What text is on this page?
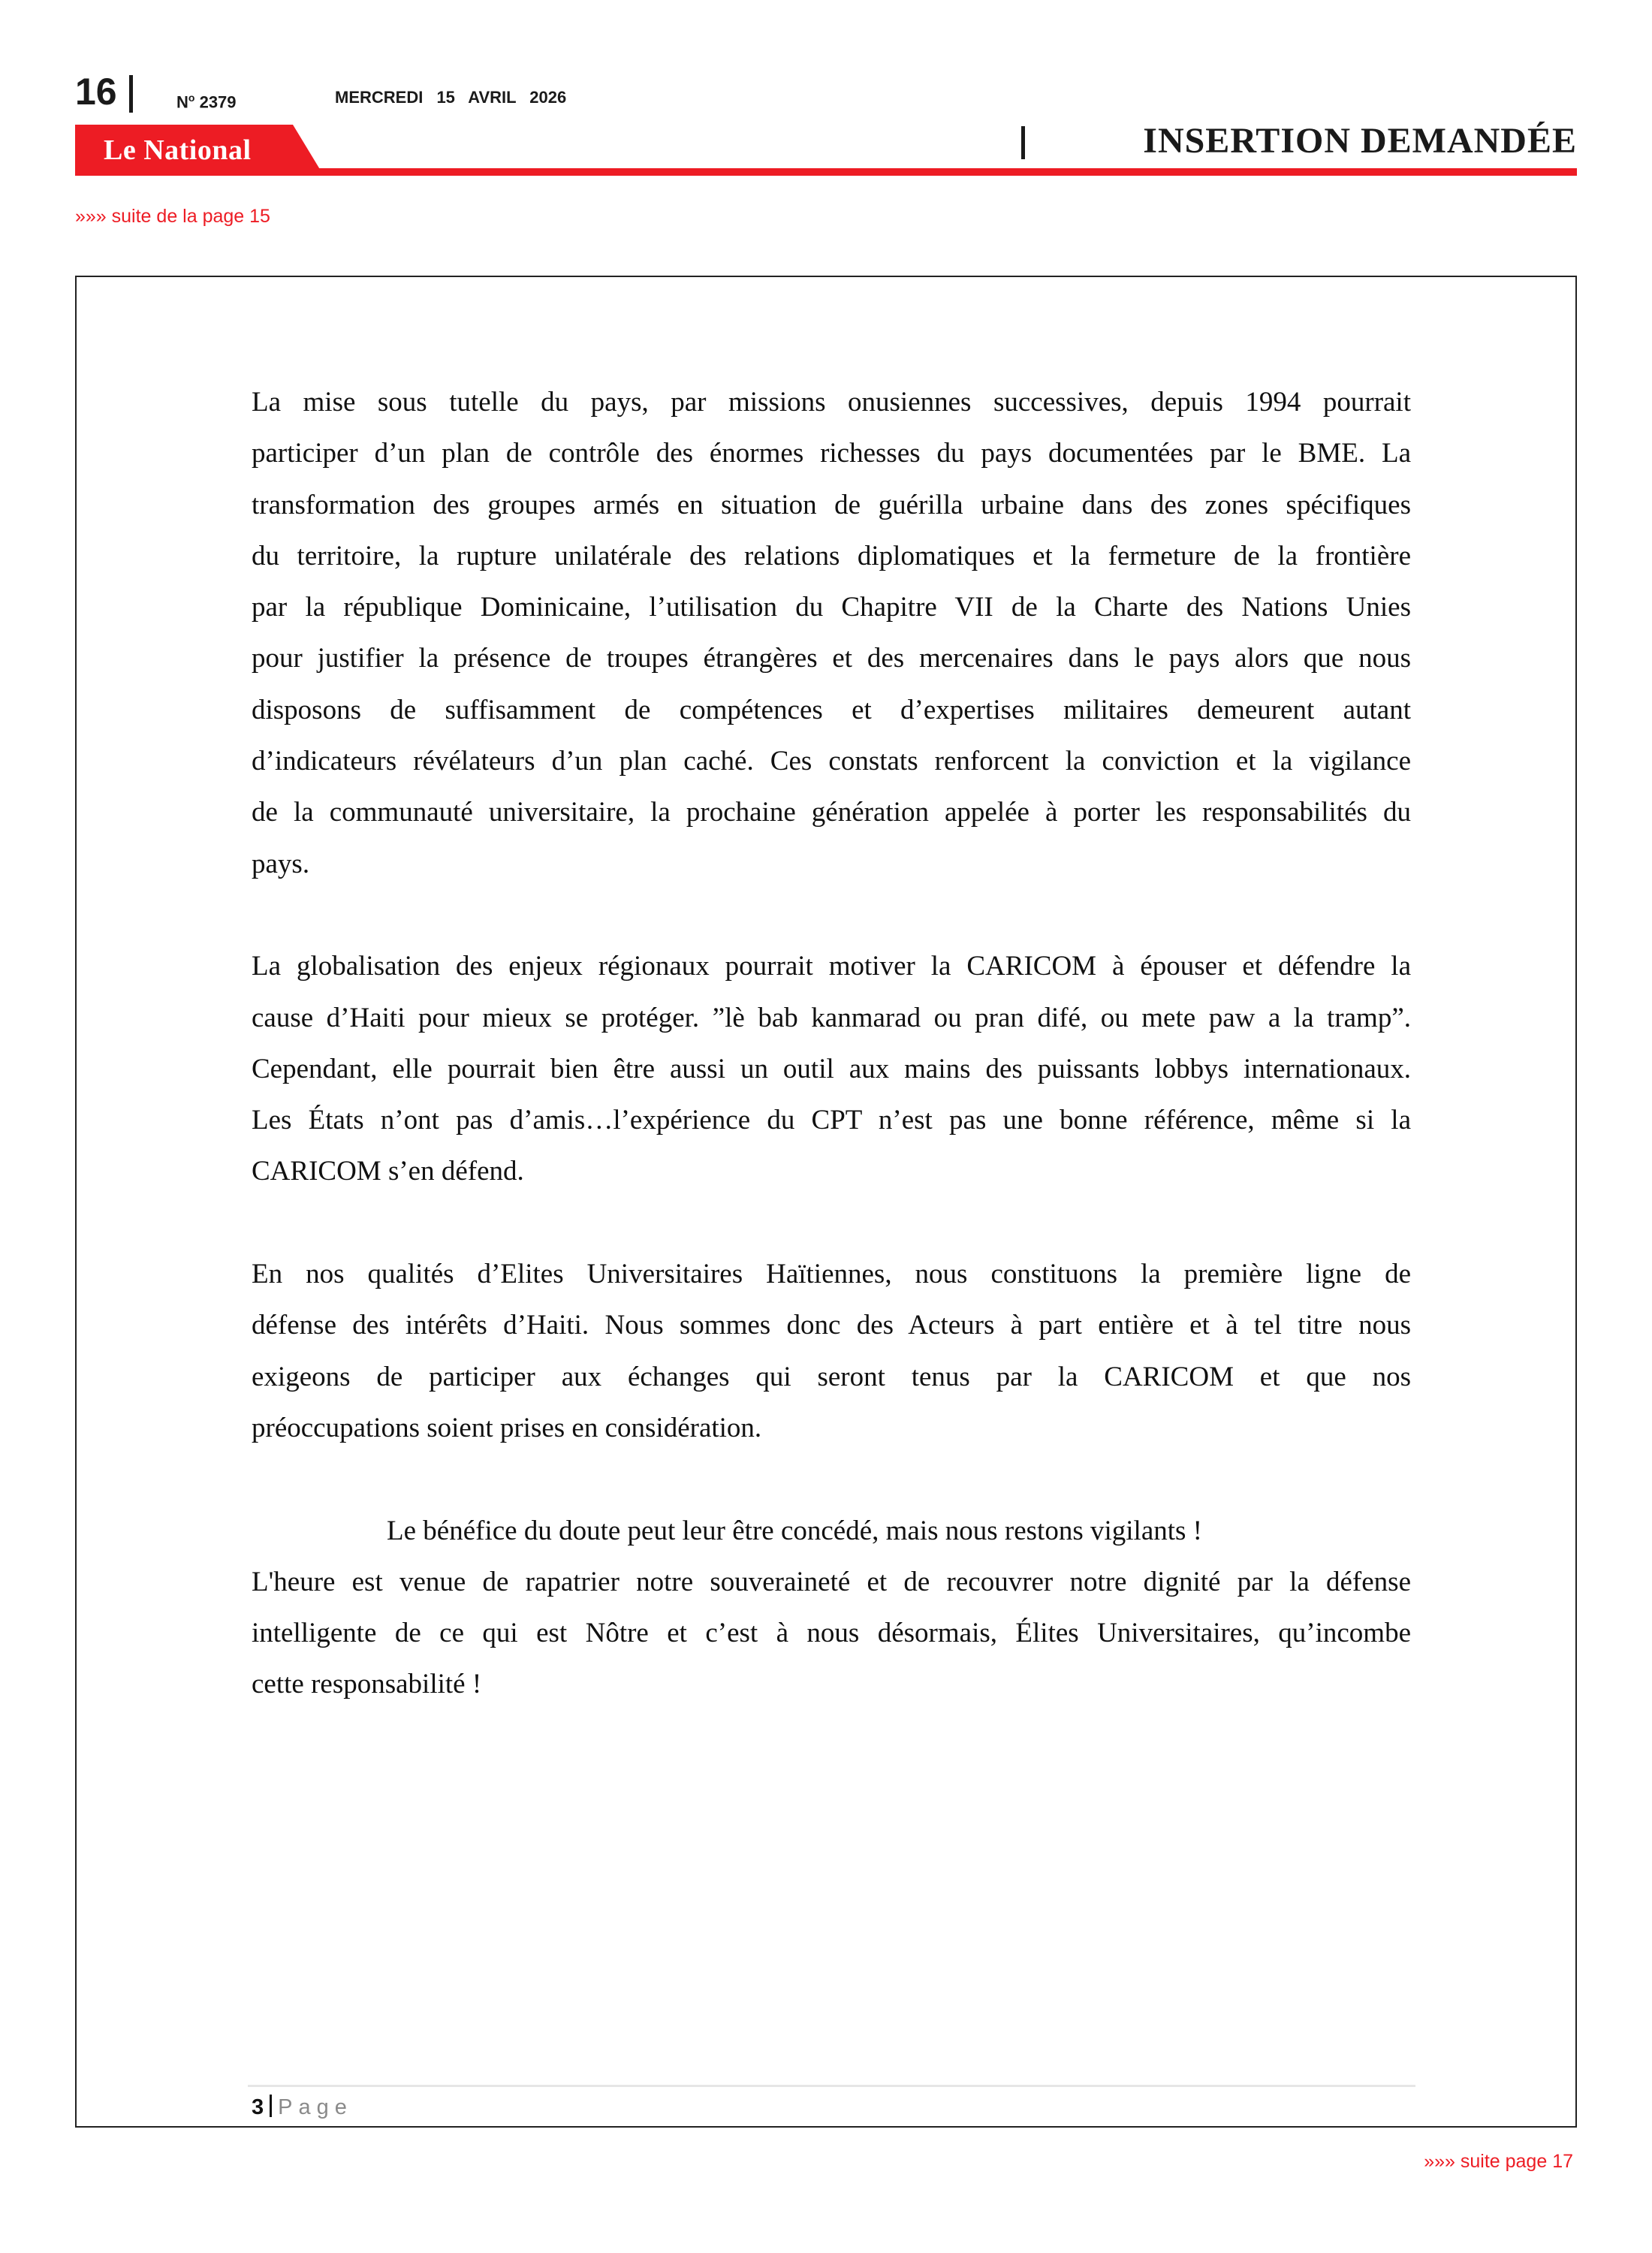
16	$N^o$ 2379	MERCREDI 15 AVRIL 2026
Le National	INSERTION DEMANDÉE
»»» suite de la page 15
La mise sous tutelle du pays, par missions onusiennes successives, depuis 1994 pourrait
participer d’un plan de contrôle des énormes richesses du pays documentées par le BME. La
transformation des groupes armés en situation de guérilla urbaine dans des zones spécifiques
du territoire, la rupture unilatérale des relations diplomatiques et la fermeture de la frontière
par la république Dominicaine, l’utilisation du Chapitre VII de la Charte des Nations Unies
pour justifier la présence de troupes étrangères et des mercenaires dans le pays alors que nous
disposons de suffisamment de compétences et d’expertises militaires demeurent autant
d’indicateurs révélateurs d’un plan caché. Ces constats renforcent la conviction et la vigilance
de la communauté universitaire, la prochaine génération appelée à porter les responsabilités du
pays.
La globalisation des enjeux régionaux pourrait motiver la CARICOM à épouser et défendre la
cause d’Haiti pour mieux se protéger. ”lè bab kanmarad ou pran difé, ou mete paw a la tramp”.
Cependant, elle pourrait bien être aussi un outil aux mains des puissants lobbys internationaux.
Les États n’ont pas d’amis…l’expérience du CPT n’est pas une bonne référence, même si la
CARICOM s’en défend.
En nos qualités d’Elites Universitaires Haïtiennes, nous constituons la première ligne de
défense des intérêts d’Haiti. Nous sommes donc des Acteurs à part entière et à tel titre nous
exigeons de participer aux échanges qui seront tenus par la CARICOM et que nos
préoccupations soient prises en considération.
Le bénéfice du doute peut leur être concédé, mais nous restons vigilants !
L'heure est venue de rapatrier notre souveraineté et de recouvrer notre dignité par la défense
intelligente de ce qui est Nôtre et c’est à nous désormais, Élites Universitaires, qu’incombe
cette responsabilité !
3 Page
»»» suite page 17
